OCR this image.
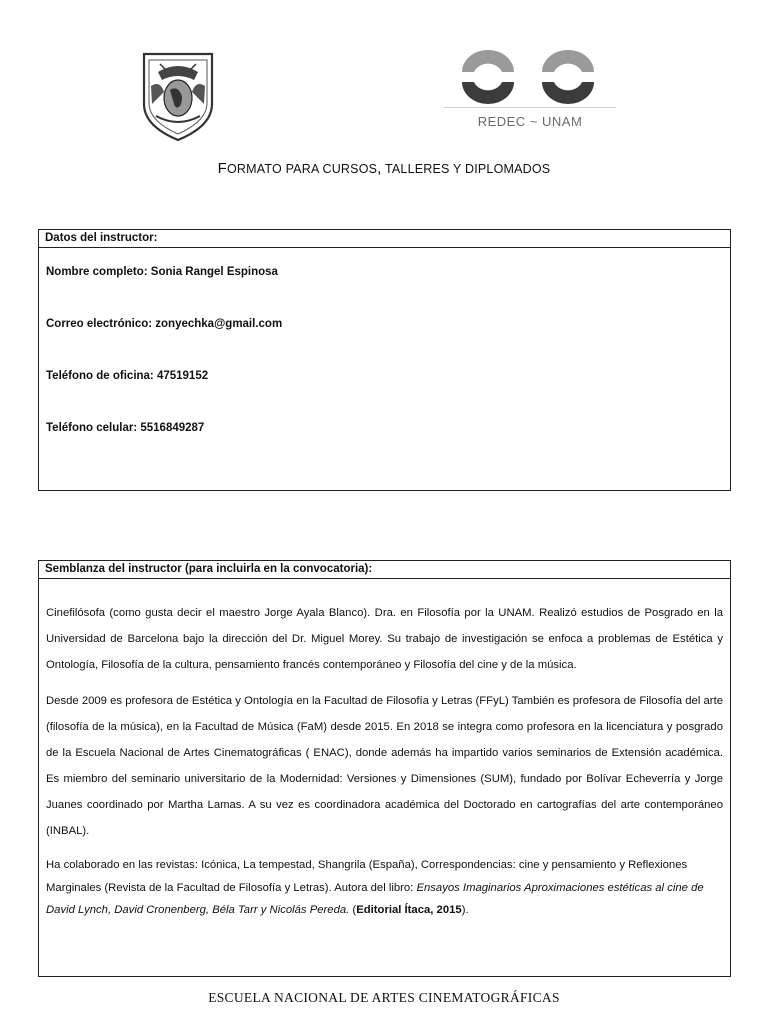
REDEC ~ UNAM
FORMATO PARA CURSOS, TALLERES Y DIPLOMADOS
Datos del instructor:
Nombre completo: Sonia Rangel Espinosa
Correo electrónico: zonyechka@gmail.com
Teléfono de oficina: 47519152
Teléfono celular: 5516849287
Semblanza del instructor (para incluirla en la convocatoria):

Cinefilósofa (como gusta decir el maestro Jorge Ayala Blanco). Dra. en Filosofía por la UNAM. Realizó estudios de Posgrado en la Universidad de Barcelona bajo la dirección del Dr. Miguel Morey. Su trabajo de investigación se enfoca a problemas de Estética y Ontología, Filosofía de la cultura, pensamiento francés contemporáneo y Filosofía del cine y de la música.

Desde 2009 es profesora de Estética y Ontología en la Facultad de Filosofía y Letras (FFyL) También es profesora de Filosofía del arte (filosofía de la música), en la Facultad de Música (FaM) desde 2015. En 2018 se integra como profesora en la licenciatura y posgrado de la Escuela Nacional de Artes Cinematográficas ( ENAC), donde además ha impartido varios seminarios de Extensión académica. Es miembro del seminario universitario de la Modernidad: Versiones y Dimensiones (SUM), fundado por Bolívar Echeverría y Jorge Juanes coordinado por Martha Lamas. A su vez es coordinadora académica del Doctorado en cartografías del arte contemporáneo (INBAL).

Ha colaborado en las revistas: Icónica, La tempestad, Shangrila (España), Correspondencias: cine y pensamiento y Reflexiones Marginales (Revista de la Facultad de Filosofía y Letras). Autora del libro: Ensayos Imaginarios Aproximaciones estéticas al cine de David Lynch, David Cronenberg, Béla Tarr y Nicolás Pereda. (Editorial Ítaca, 2015).

ESCUELA NACIONAL DE ARTES CINEMATOGRÁFICAS
